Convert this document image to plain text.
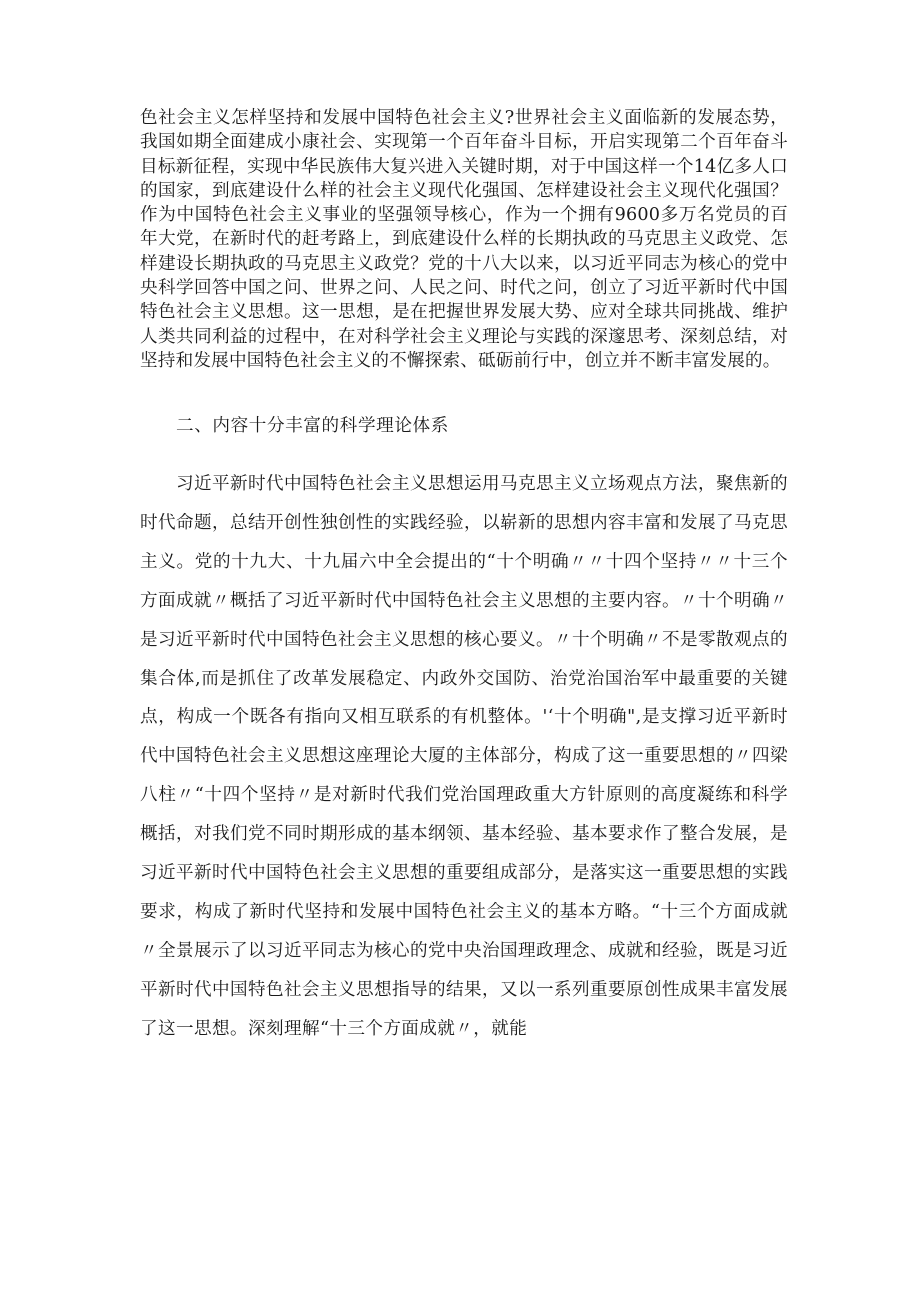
色社会主义怎样坚持和发展中国特色社会主义?世界社会主义面临新的发展态势，我国如期全面建成小康社会、实现第一个百年奋斗目标，开启实现第二个百年奋斗目标新征程，实现中华民族伟大复兴进入关键时期，对于中国这样一个14亿多人口的国家，到底建设什么样的社会主义现代化强国、怎样建设社会主义现代化强国？作为中国特色社会主义事业的坚强领导核心，作为一个拥有9600多万名党员的百年大党，在新时代的赶考路上，到底建设什么样的长期执政的马克思主义政党、怎样建设长期执政的马克思主义政党？党的十八大以来，以习近平同志为核心的党中央科学回答中国之问、世界之问、人民之问、时代之问，创立了习近平新时代中国特色社会主义思想。这一思想，是在把握世界发展大势、应对全球共同挑战、维护人类共同利益的过程中，在对科学社会主义理论与实践的深邃思考、深刻总结，对坚持和发展中国特色社会主义的不懈探索、砥砺前行中，创立并不断丰富发展的。

二、内容十分丰富的科学理论体系

习近平新时代中国特色社会主义思想运用马克思主义立场观点方法，聚焦新的时代命题，总结开创性独创性的实践经验，以崭新的思想内容丰富和发展了马克思主义。党的十九大、十九届六中全会提出的“十个明确〃〃十四个坚持〃〃十三个方面成就〃概括了习近平新时代中国特色社会主义思想的主要内容。〃十个明确〃是习近平新时代中国特色社会主义思想的核心要义。〃十个明确〃不是零散观点的集合体,而是抓住了改革发展稳定、内政外交国防、治党治国治军中最重要的关键点，构成一个既各有指向又相互联系的有机整体。'‘十个明确",是支撑习近平新时代中国特色社会主义思想这座理论大厦的主体部分，构成了这一重要思想的〃四梁八柱〃“十四个坚持〃是对新时代我们党治国理政重大方针原则的高度凝练和科学概括，对我们党不同时期形成的基本纲领、基本经验、基本要求作了整合发展，是习近平新时代中国特色社会主义思想的重要组成部分，是落实这一重要思想的实践要求，构成了新时代坚持和发展中国特色社会主义的基本方略。“十三个方面成就〃全景展示了以习近平同志为核心的党中央治国理政理念、成就和经验，既是习近平新时代中国特色社会主义思想指导的结果，又以一系列重要原创性成果丰富发展了这一思想。深刻理解“十三个方面成就〃，就能
